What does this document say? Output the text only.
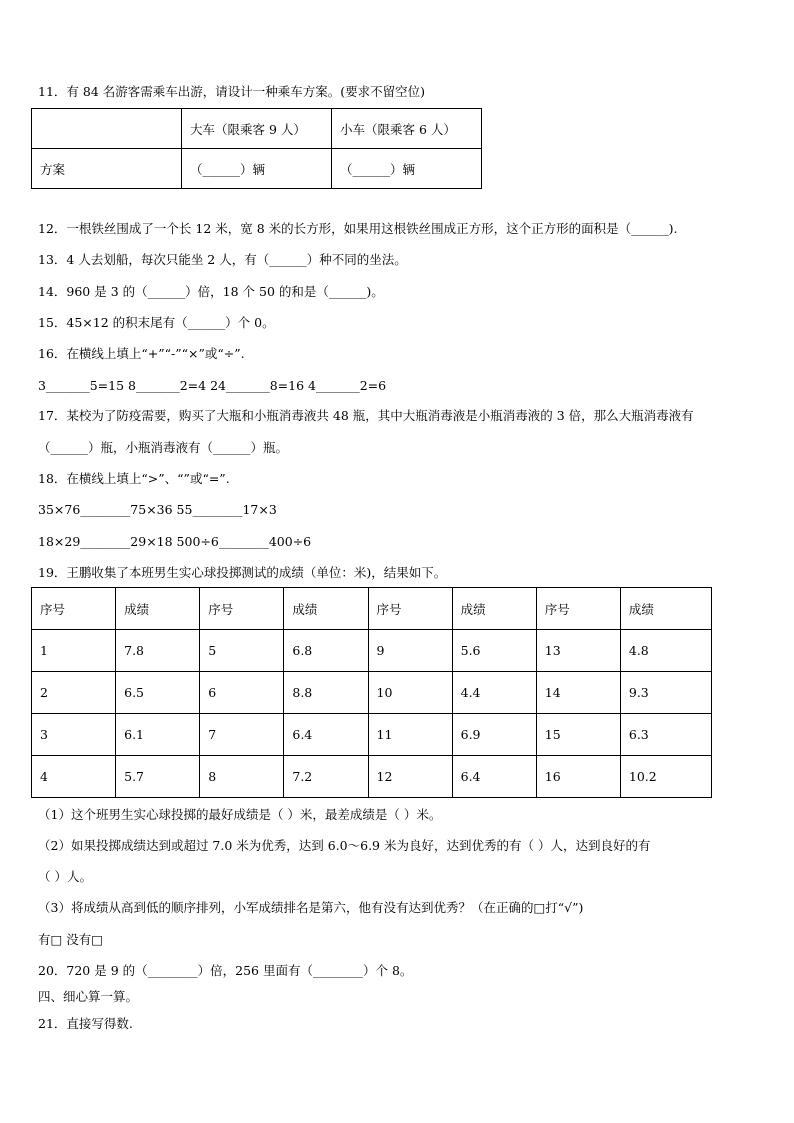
11．有 84 名游客需乘车出游，请设计一种乘车方案。(要求不留空位)
	大车（限乘客 9 人）	小车（限乘客 6 人）
方案	（______）辆	（______）辆
12．一根铁丝围成了一个长 12 米，宽 8 米的长方形，如果用这根铁丝围成正方形，这个正方形的面积是（______).
13．4 人去划船，每次只能坐 2 人，有（______）种不同的坐法。
14．960 是 3 的（______）倍，18 个 50 的和是（______)。
15．45×12 的积末尾有（______）个 0。
16．在横线上填上“+”“-”“×”或“÷”.
3_______5=15 8_______2=4 24_______8=16 4_______2=6
17．某校为了防疫需要，购买了大瓶和小瓶消毒液共 48 瓶，其中大瓶消毒液是小瓶消毒液的 3 倍，那么大瓶消毒液有
（______）瓶，小瓶消毒液有（______）瓶。
18．在横线上填上“>”、“”或“=”.
35×76________75×36 55________17×3
18×29________29×18 500÷6________400÷6
19．王鹏收集了本班男生实心球投掷测试的成绩（单位：米)，结果如下。
序号	成绩	序号	成绩	序号	成绩	序号	成绩
1	7.8	5	6.8	9	5.6	13	4.8
2	6.5	6	8.8	10	4.4	14	9.3
3	6.1	7	6.4	11	6.9	15	6.3
4	5.7	8	7.2	12	6.4	16	10.2
（1）这个班男生实心球投掷的最好成绩是（ ）米，最差成绩是（ ）米。
（2）如果投掷成绩达到或超过 7.0 米为优秀，达到 6.0～6.9 米为良好，达到优秀的有（ ）人，达到良好的有
（ ）人。
（3）将成绩从高到低的顺序排列，小军成绩排名是第六，他有没有达到优秀？（在正确的□打“√”)
有□ 没有□
20．720 是 9 的（________）倍，256 里面有（________）个 8。
四、细心算一算。
21．直接写得数.
